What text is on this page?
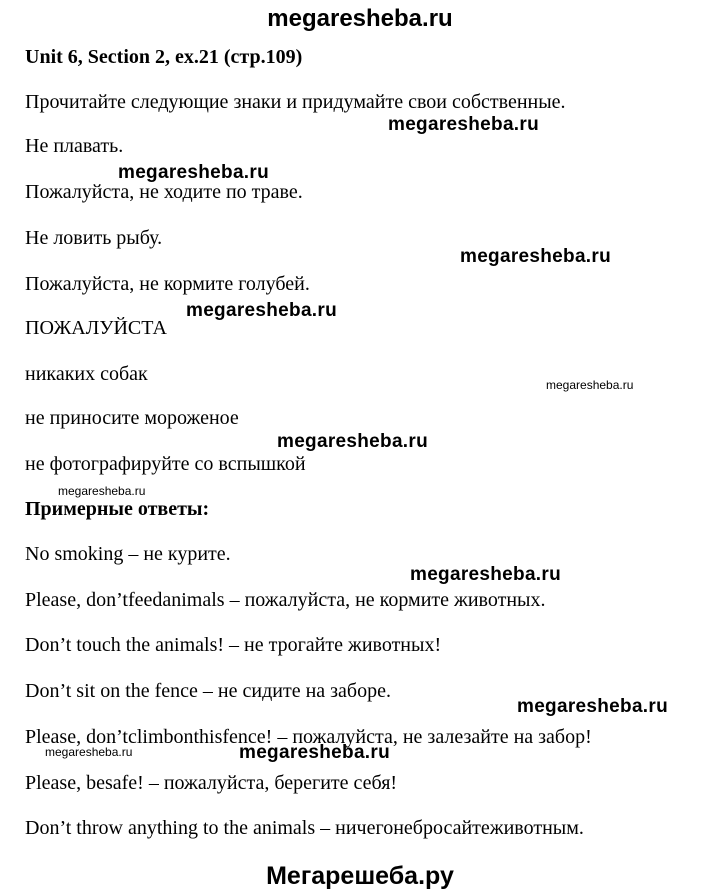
megaresheba.ru
Unit 6, Section 2, ex.21 (стр.109)
Прочитайте следующие знаки и придумайте свои собственные.
Не плавать.
Пожалуйста, не ходите по траве.
Не ловить рыбу.
Пожалуйста, не кормите голубей.
ПОЖАЛУЙСТА
никаких собак
не приносите мороженое
не фотографируйте со вспышкой
Примерные ответы:
No smoking – не курите.
Please, don’tfeedanimals – пожалуйста, не кормите животных.
Don’t touch the animals! – не трогайте животных!
Don’t sit on the fence – не сидите на заборе.
Please, don’tclimbonthisfence! – пожалуйста, не залезайте на забор!
Please, besafe! – пожалуйста, берегите себя!
Don’t throw anything to the animals – ничегонебросайтеживотным.
megaresheba.ru
megaresheba.ru
megaresheba.ru
megaresheba.ru
megaresheba.ru
megaresheba.ru
megaresheba.ru
megaresheba.ru
megaresheba.ru
megaresheba.ru
megaresheba.ru
Мегарешеба.ру
